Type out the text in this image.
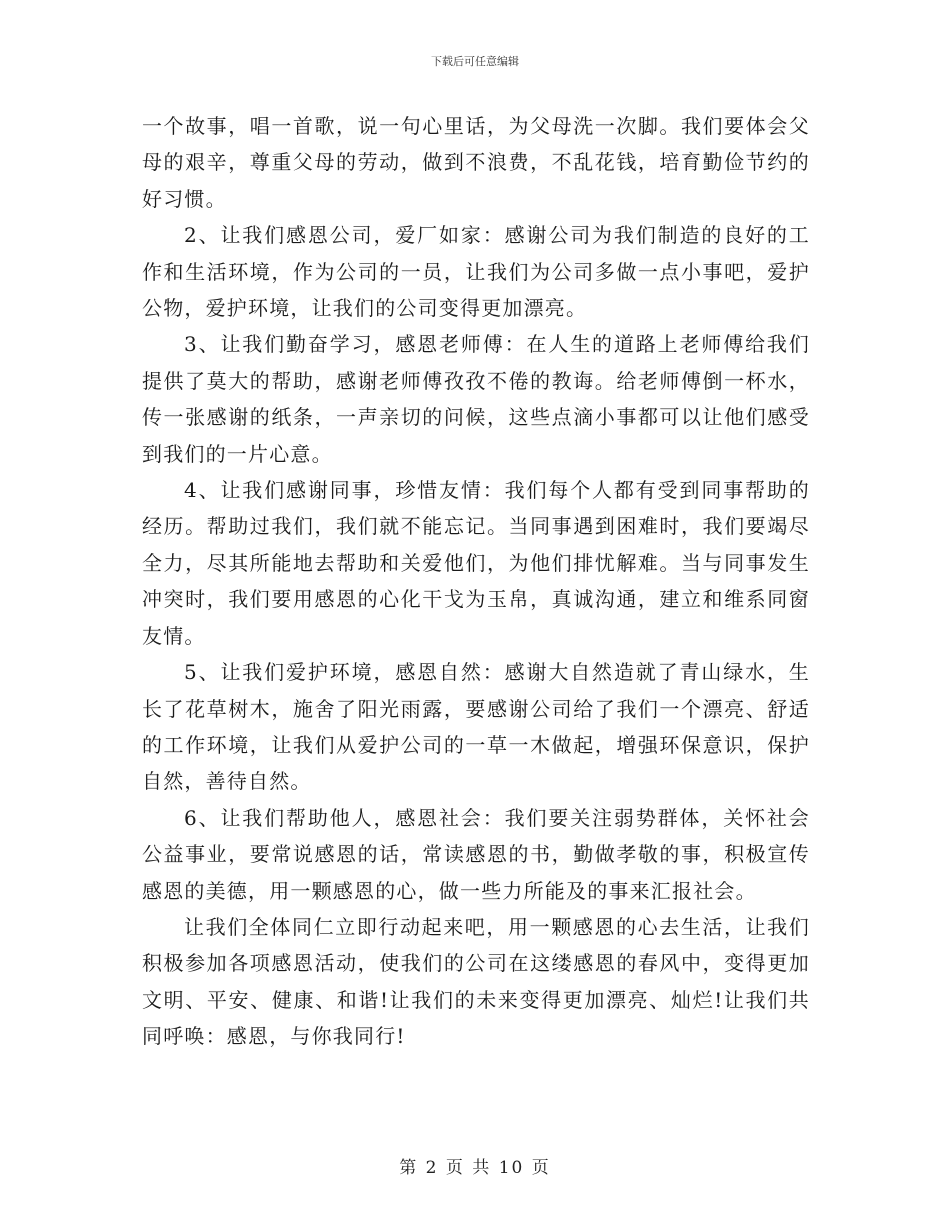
下载后可任意编辑

一个故事，唱一首歌，说一句心里话，为父母洗一次脚。我们要体会父母的艰辛，尊重父母的劳动，做到不浪费，不乱花钱，培育勤俭节约的好习惯。

2、让我们感恩公司，爱厂如家：感谢公司为我们制造的良好的工作和生活环境，作为公司的一员，让我们为公司多做一点小事吧，爱护公物，爱护环境，让我们的公司变得更加漂亮。

3、让我们勤奋学习，感恩老师傅：在人生的道路上老师傅给我们提供了莫大的帮助，感谢老师傅孜孜不倦的教诲。给老师傅倒一杯水，传一张感谢的纸条，一声亲切的问候，这些点滴小事都可以让他们感受到我们的一片心意。

4、让我们感谢同事，珍惜友情：我们每个人都有受到同事帮助的经历。帮助过我们，我们就不能忘记。当同事遇到困难时，我们要竭尽全力，尽其所能地去帮助和关爱他们，为他们排忧解难。当与同事发生冲突时，我们要用感恩的心化干戈为玉帛，真诚沟通，建立和维系同窗友情。

5、让我们爱护环境，感恩自然：感谢大自然造就了青山绿水，生长了花草树木，施舍了阳光雨露，要感谢公司给了我们一个漂亮、舒适的工作环境，让我们从爱护公司的一草一木做起，增强环保意识，保护自然，善待自然。

6、让我们帮助他人，感恩社会：我们要关注弱势群体，关怀社会公益事业，要常说感恩的话，常读感恩的书，勤做孝敬的事，积极宣传感恩的美德，用一颗感恩的心，做一些力所能及的事来汇报社会。

让我们全体同仁立即行动起来吧，用一颗感恩的心去生活，让我们积极参加各项感恩活动，使我们的公司在这缕感恩的春风中，变得更加文明、平安、健康、和谐!让我们的未来变得更加漂亮、灿烂!让我们共同呼唤：感恩，与你我同行!

第 2 页 共 10 页
